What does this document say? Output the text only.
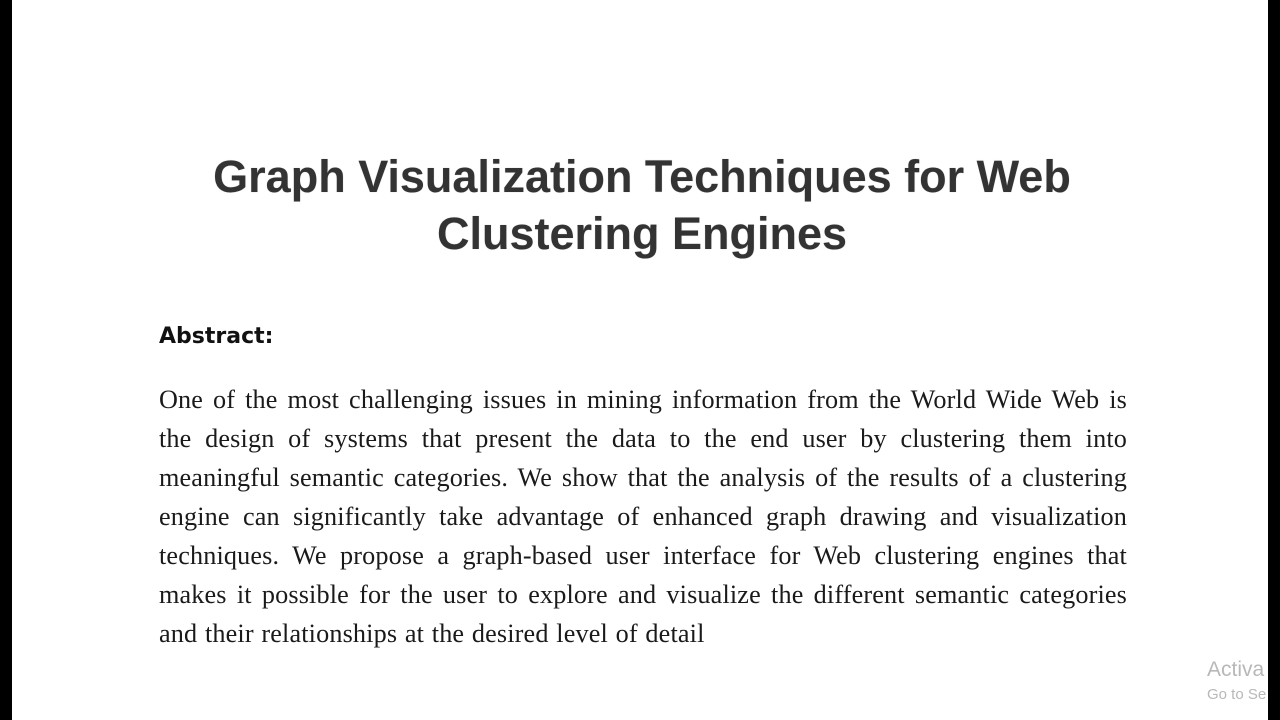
Graph Visualization Techniques for Web Clustering Engines
Abstract:

One of the most challenging issues in mining information from the World Wide Web is the design of systems that present the data to the end user by clustering them into meaningful semantic categories. We show that the analysis of the results of a clustering engine can significantly take advantage of enhanced graph drawing and visualization techniques. We propose a graph-based user interface for Web clustering engines that makes it possible for the user to explore and visualize the different semantic categories and their relationships at the desired level of detail

Activa
Go to Se
